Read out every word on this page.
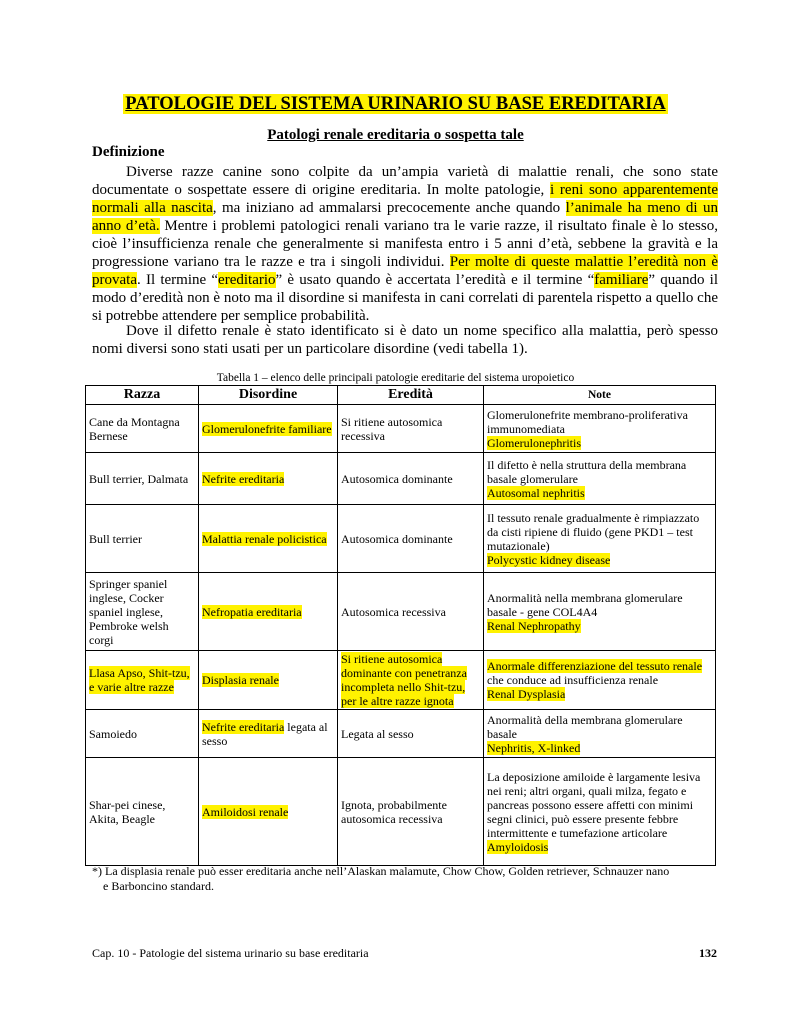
PATOLOGIE DEL SISTEMA URINARIO SU BASE EREDITARIA
Patologi renale ereditaria o sospetta tale
Definizione
Diverse razze canine sono colpite da un’ampia varietà di malattie renali, che sono state documentate o sospettate essere di origine ereditaria. In molte patologie, i reni sono apparentemente normali alla nascita, ma iniziano ad ammalarsi precocemente anche quando l’animale ha meno di un anno d’età. Mentre i problemi patologici renali variano tra le varie razze, il risultato finale è lo stesso, cioè l’insufficienza renale che generalmente si manifesta entro i 5 anni d’età, sebbene la gravità e la progressione variano tra le razze e tra i singoli individui. Per molte di queste malattie l’eredità non è provata. Il termine “ereditario” è usato quando è accertata l’eredità e il termine “familiare” quando il modo d’eredità non è noto ma il disordine si manifesta in cani correlati di parentela rispetto a quello che si potrebbe attendere per semplice probabilità.
Dove il difetto renale è stato identificato si è dato un nome specifico alla malattia, però spesso nomi diversi sono stati usati per un particolare disordine (vedi tabella 1).
Tabella 1 – elenco delle principali patologie ereditarie del sistema uropoietico
Razza	Disordine	Eredità	Note
Cane da Montagna Bernese	Glomerulonefrite familiare	Si ritiene autosomica recessiva	Glomerulonefrite membrano-proliferativa immunomediata
Glomerulonephritis
Bull terrier, Dalmata	Nefrite ereditaria	Autosomica dominante	Il difetto è nella struttura della membrana basale glomerulare
Autosomal nephritis
Bull terrier	Malattia renale policistica	Autosomica dominante	Il tessuto renale gradualmente è rimpiazzato da cisti ripiene di fluido (gene PKD1 – test mutazionale)
Polycystic kidney disease
Springer spaniel inglese, Cocker spaniel inglese, Pembroke welsh corgi	Nefropatia ereditaria	Autosomica recessiva	Anormalità nella membrana glomerulare basale - gene COL4A4
Renal Nephropathy
Llasa Apso, Shit-tzu, e varie altre razze	Displasia renale	Si ritiene autosomica dominante con penetranza incompleta nello Shit-tzu, per le altre razze ignota	Anormale differenziazione del tessuto renale che conduce ad insufficienza renale
Renal Dysplasia
Samoiedo	Nefrite ereditaria legata al sesso	Legata al sesso	Anormalità della membrana glomerulare basale
Nephritis, X-linked
Shar-pei cinese, Akita, Beagle	Amiloidosi renale	Ignota, probabilmente autosomica recessiva	La deposizione amiloide è largamente lesiva nei reni; altri organi, quali milza, fegato e pancreas possono essere affetti con minimi segni clinici, può essere presente febbre intermittente e tumefazione articolare
Amyloidosis
*) La displasia renale può esser ereditaria anche nell’Alaskan malamute, Chow Chow, Golden retriever, Schnauzer nano
e Barboncino standard.
Cap. 10 - Patologie del sistema urinario su base ereditaria	132
